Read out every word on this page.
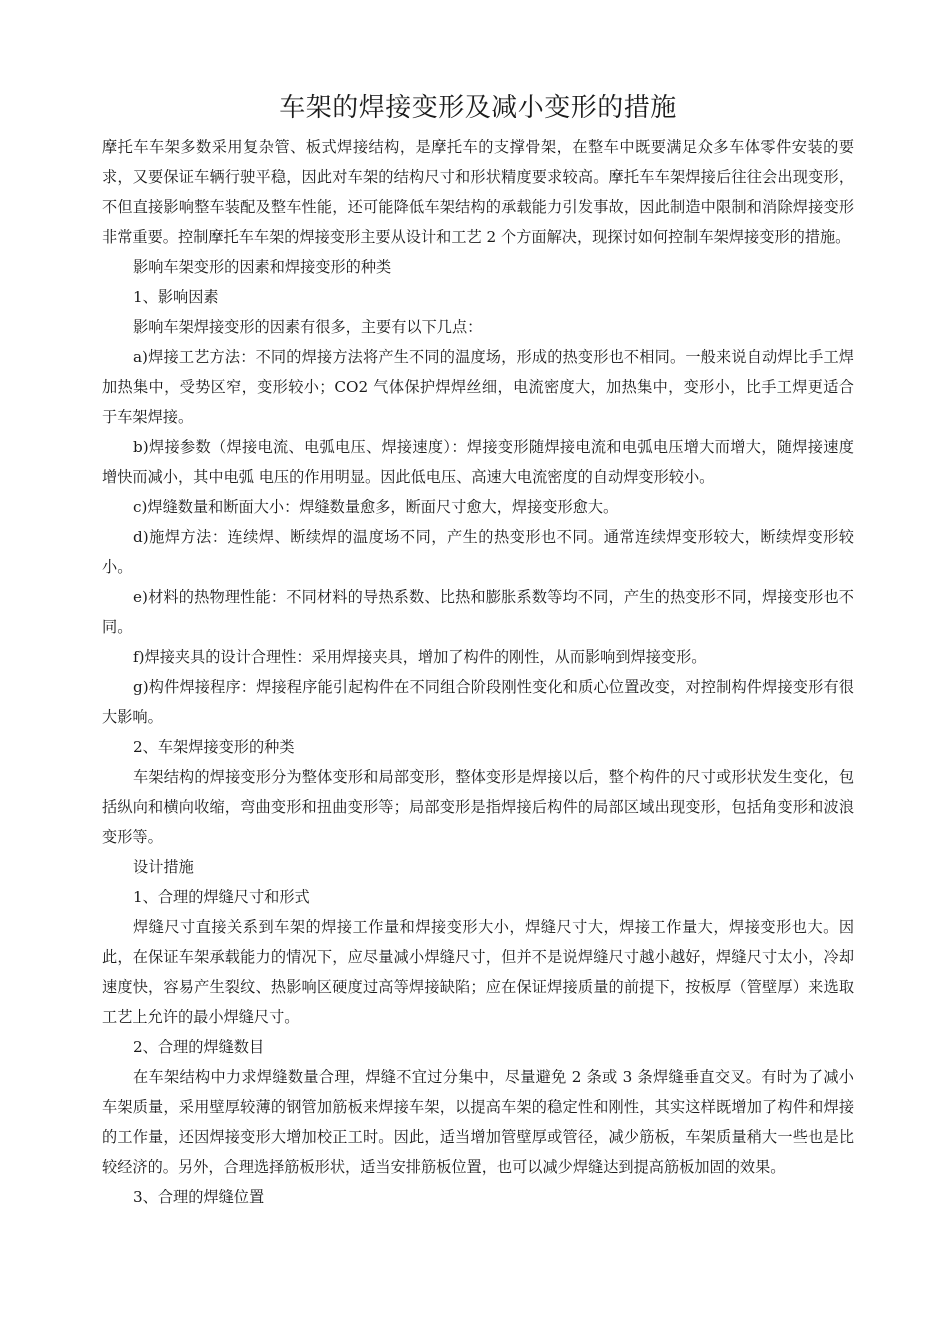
车架的焊接变形及减小变形的措施

摩托车车架多数采用复杂管、板式焊接结构，是摩托车的支撑骨架，在整车中既要满足众多车体零件安装的要求，又要保证车辆行驶平稳，因此对车架的结构尺寸和形状精度要求较高。摩托车车架焊接后往往会出现变形，不但直接影响整车装配及整车性能，还可能降低车架结构的承载能力引发事故，因此制造中限制和消除焊接变形非常重要。控制摩托车车架的焊接变形主要从设计和工艺 2 个方面解决，现探讨如何控制车架焊接变形的措施。

影响车架变形的因素和焊接变形的种类

1、影响因素

影响车架焊接变形的因素有很多，主要有以下几点：

a)焊接工艺方法：不同的焊接方法将产生不同的温度场，形成的热变形也不相同。一般来说自动焊比手工焊加热集中，受势区窄，变形较小；CO2 气体保护焊焊丝细，电流密度大，加热集中，变形小，比手工焊更适合于车架焊接。

b)焊接参数（焊接电流、电弧电压、焊接速度）：焊接变形随焊接电流和电弧电压增大而增大，随焊接速度增快而减小，其中电弧 电压的作用明显。因此低电压、高速大电流密度的自动焊变形较小。

c)焊缝数量和断面大小：焊缝数量愈多，断面尺寸愈大，焊接变形愈大。

d)施焊方法：连续焊、断续焊的温度场不同，产生的热变形也不同。通常连续焊变形较大，断续焊变形较小。

e)材料的热物理性能：不同材料的导热系数、比热和膨胀系数等均不同，产生的热变形不同，焊接变形也不同。

f)焊接夹具的设计合理性：采用焊接夹具，增加了构件的刚性，从而影响到焊接变形。

g)构件焊接程序：焊接程序能引起构件在不同组合阶段刚性变化和质心位置改变，对控制构件焊接变形有很大影响。

2、车架焊接变形的种类

车架结构的焊接变形分为整体变形和局部变形，整体变形是焊接以后，整个构件的尺寸或形状发生变化，包括纵向和横向收缩，弯曲变形和扭曲变形等；局部变形是指焊接后构件的局部区域出现变形，包括角变形和波浪变形等。

设计措施

1、合理的焊缝尺寸和形式

焊缝尺寸直接关系到车架的焊接工作量和焊接变形大小，焊缝尺寸大，焊接工作量大，焊接变形也大。因此，在保证车架承载能力的情况下，应尽量减小焊缝尺寸，但并不是说焊缝尺寸越小越好，焊缝尺寸太小，冷却速度快，容易产生裂纹、热影响区硬度过高等焊接缺陷；应在保证焊接质量的前提下，按板厚（管壁厚）来选取工艺上允许的最小焊缝尺寸。

2、合理的焊缝数目

在车架结构中力求焊缝数量合理，焊缝不宜过分集中，尽量避免 2 条或 3 条焊缝垂直交叉。有时为了减小车架质量，采用壁厚较薄的钢管加筋板来焊接车架，以提高车架的稳定性和刚性，其实这样既增加了构件和焊接的工作量，还因焊接变形大增加校正工时。因此，适当增加管壁厚或管径，减少筋板，车架质量稍大一些也是比较经济的。另外，合理选择筋板形状，适当安排筋板位置，也可以减少焊缝达到提高筋板加固的效果。

3、合理的焊缝位置
